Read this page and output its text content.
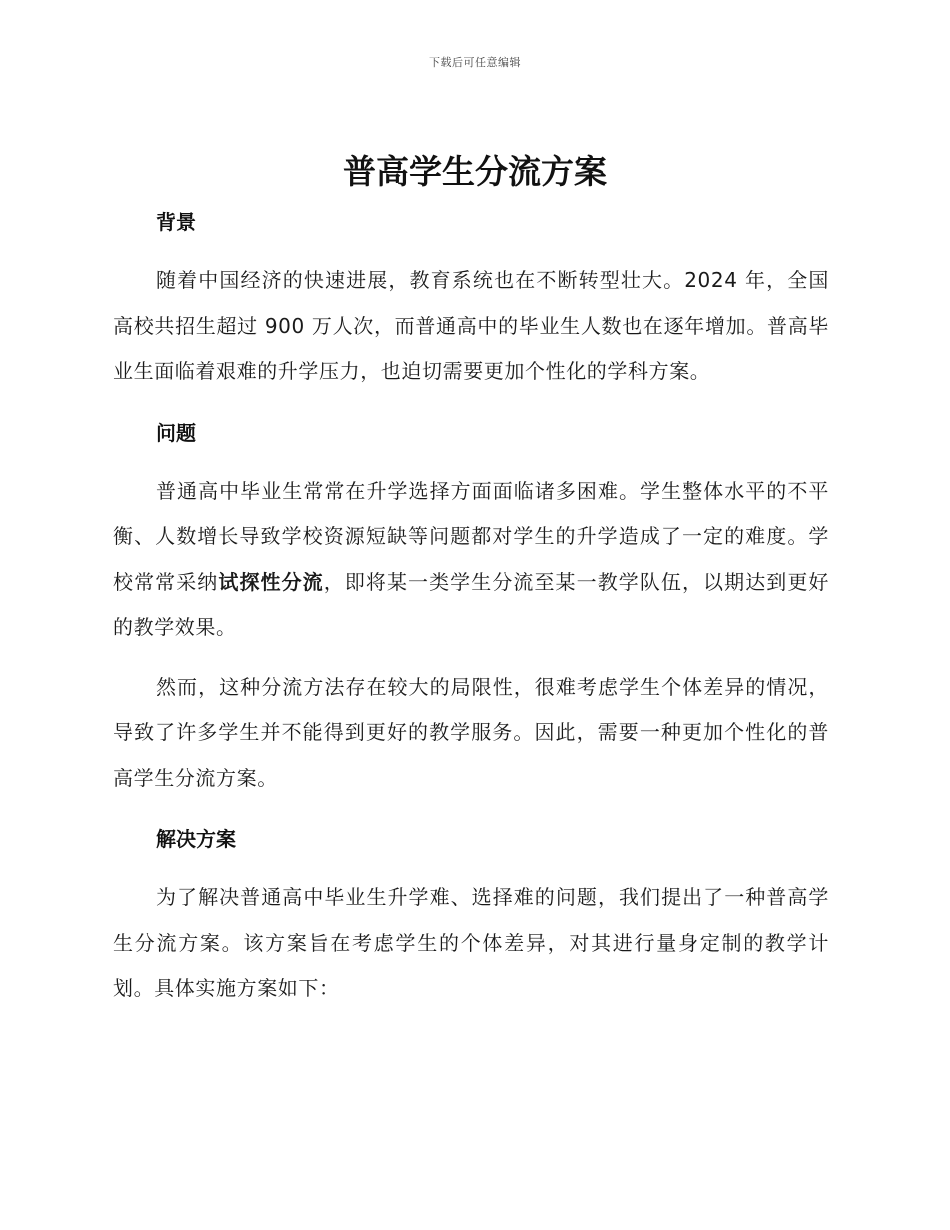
下载后可任意编辑
普高学生分流方案
背景

随着中国经济的快速进展，教育系统也在不断转型壮大。2024 年，全国高校共招生超过 900 万人次，而普通高中的毕业生人数也在逐年增加。普高毕业生面临着艰难的升学压力，也迫切需要更加个性化的学科方案。

问题

普通高中毕业生常常在升学选择方面面临诸多困难。学生整体水平的不平衡、人数增长导致学校资源短缺等问题都对学生的升学造成了一定的难度。学校常常采纳试探性分流，即将某一类学生分流至某一教学队伍，以期达到更好的教学效果。

然而，这种分流方法存在较大的局限性，很难考虑学生个体差异的情况，导致了许多学生并不能得到更好的教学服务。因此，需要一种更加个性化的普高学生分流方案。

解决方案

为了解决普通高中毕业生升学难、选择难的问题，我们提出了一种普高学生分流方案。该方案旨在考虑学生的个体差异，对其进行量身定制的教学计划。具体实施方案如下：
